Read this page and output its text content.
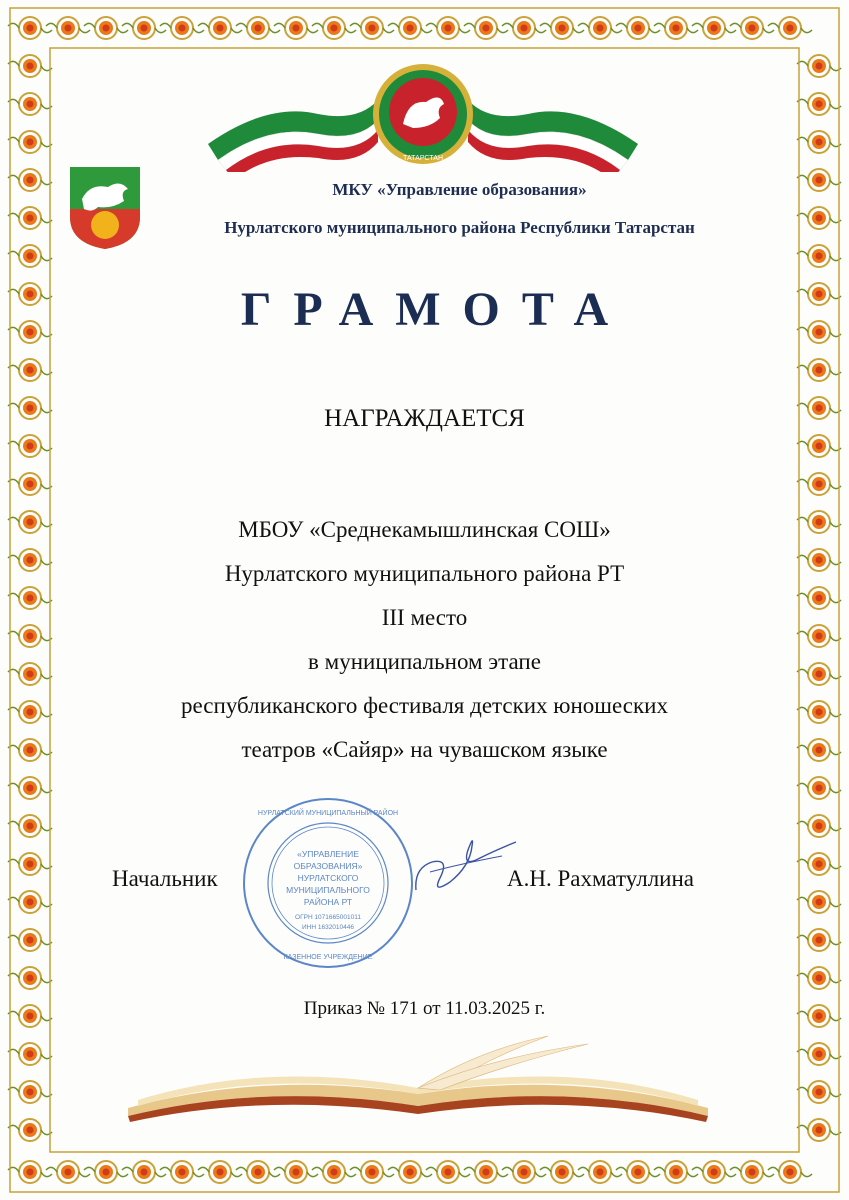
ТАТАРСТАН
МКУ «Управление образования»
Нурлатского муниципального района Республики Татарстан
ГРАМОТА
НАГРАЖДАЕТСЯ
МБОУ «Среднекамышлинская СОШ»
Нурлатского муниципального района РТ
III место
в муниципальном этапе
республиканского фестиваля детских юношеских
театров «Сайяр» на чувашском языке
Начальник
«УПРАВЛЕНИЕ
ОБРАЗОВАНИЯ»
НУРЛАТСКОГО
МУНИЦИПАЛЬНОГО
РАЙОНА РТ
ОГРН 1071665001011
ИНН 1632010446
НУРЛАТСКИЙ МУНИЦИПАЛЬНЫЙ РАЙОН
КАЗЕННОЕ УЧРЕЖДЕНИЕ
А.Н. Рахматуллина
Приказ № 171 от 11.03.2025 г.
